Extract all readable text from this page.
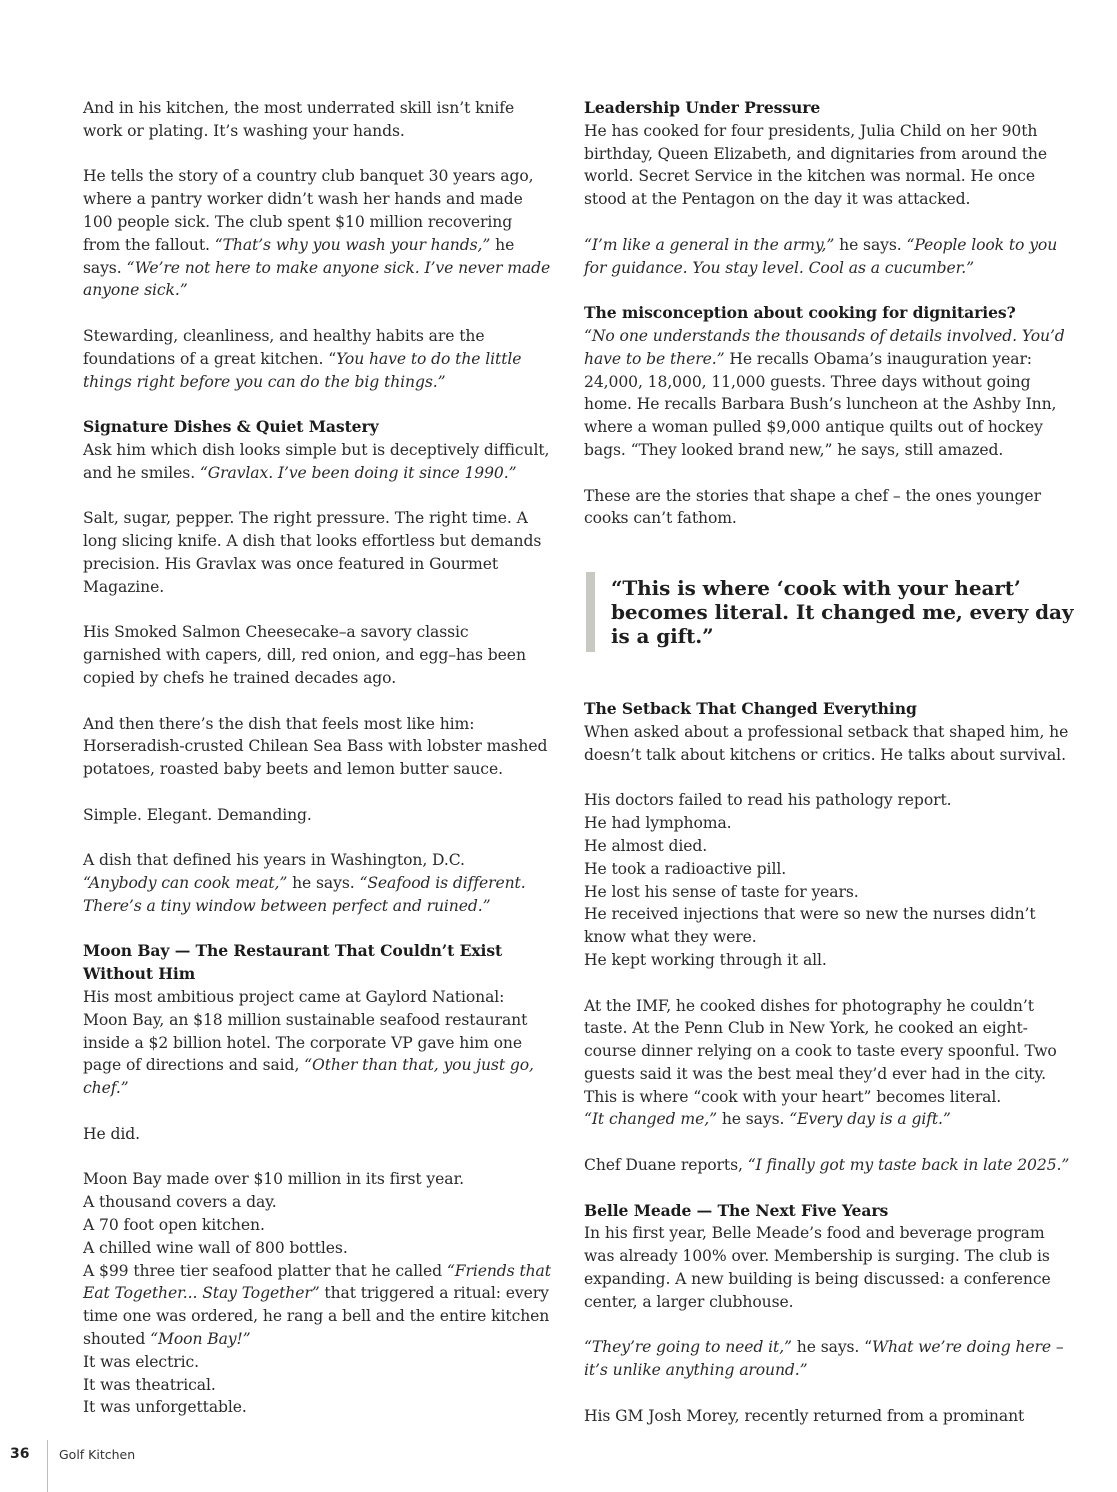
And in his kitchen, the most underrated skill isn’t knife work or plating. It’s washing your hands.

He tells the story of a country club banquet 30 years ago, where a pantry worker didn’t wash her hands and made 100 people sick. The club spent $10 million recovering from the fallout. “That’s why you wash your hands,” he says. “We’re not here to make anyone sick. I’ve never made anyone sick.”

Stewarding, cleanliness, and healthy habits are the foundations of a great kitchen. “You have to do the little things right before you can do the big things.”

Signature Dishes & Quiet Mastery

Ask him which dish looks simple but is deceptively difficult, and he smiles. “Gravlax. I’ve been doing it since 1990.”

Salt, sugar, pepper. The right pressure. The right time. A long slicing knife. A dish that looks effortless but demands precision. His Gravlax was once featured in Gourmet Magazine.

His Smoked Salmon Cheesecake–a savory classic garnished with capers, dill, red onion, and egg–has been copied by chefs he trained decades ago.

And then there’s the dish that feels most like him: Horseradish-crusted Chilean Sea Bass with lobster mashed potatoes, roasted baby beets and lemon butter sauce.

Simple. Elegant. Demanding.

A dish that defined his years in Washington, D.C.
“Anybody can cook meat,” he says. “Seafood is different. There’s a tiny window between perfect and ruined.”

Moon Bay — The Restaurant That Couldn’t Exist Without Him

His most ambitious project came at Gaylord National: Moon Bay, an $18 million sustainable seafood restaurant inside a $2 billion hotel. The corporate VP gave him one page of directions and said, “Other than that, you just go, chef.”

He did.

Moon Bay made over $10 million in its first year.

A thousand covers a day.

A 70 foot open kitchen.

A chilled wine wall of 800 bottles.

A $99 three tier seafood platter that he called “Friends that Eat Together... Stay Together” that triggered a ritual: every time one was ordered, he rang a bell and the entire kitchen shouted “Moon Bay!”

It was electric.

It was theatrical.

It was unforgettable.

Leadership Under Pressure

He has cooked for four presidents, Julia Child on her 90th birthday, Queen Elizabeth, and dignitaries from around the world. Secret Service in the kitchen was normal. He once stood at the Pentagon on the day it was attacked.

“I’m like a general in the army,” he says. “People look to you for guidance. You stay level. Cool as a cucumber.”

The misconception about cooking for dignitaries?

“No one understands the thousands of details involved. You’d have to be there.” He recalls Obama’s inauguration year: 24,000, 18,000, 11,000 guests. Three days without going home. He recalls Barbara Bush’s luncheon at the Ashby Inn, where a woman pulled $9,000 antique quilts out of hockey bags. “They looked brand new,” he says, still amazed.

These are the stories that shape a chef – the ones younger cooks can’t fathom.

“This is where ‘cook with your heart’ becomes literal. It changed me, every day is a gift.”
The Setback That Changed Everything

When asked about a professional setback that shaped him, he doesn’t talk about kitchens or critics. He talks about survival.

His doctors failed to read his pathology report.

He had lymphoma.

He almost died.

He took a radioactive pill.

He lost his sense of taste for years.

He received injections that were so new the nurses didn’t know what they were.

He kept working through it all.

At the IMF, he cooked dishes for photography he couldn’t taste. At the Penn Club in New York, he cooked an eight-course dinner relying on a cook to taste every spoonful. Two guests said it was the best meal they’d ever had in the city. This is where “cook with your heart” becomes literal.
“It changed me,” he says. “Every day is a gift.”

Chef Duane reports, “I finally got my taste back in late 2025.”

Belle Meade — The Next Five Years

In his first year, Belle Meade’s food and beverage program was already 100% over. Membership is surging. The club is expanding. A new building is being discussed: a conference center, a larger clubhouse.

“They’re going to need it,” he says. “What we’re doing here – it’s unlike anything around.”

His GM Josh Morey, recently returned from a prominant

36 Golf Kitchen
